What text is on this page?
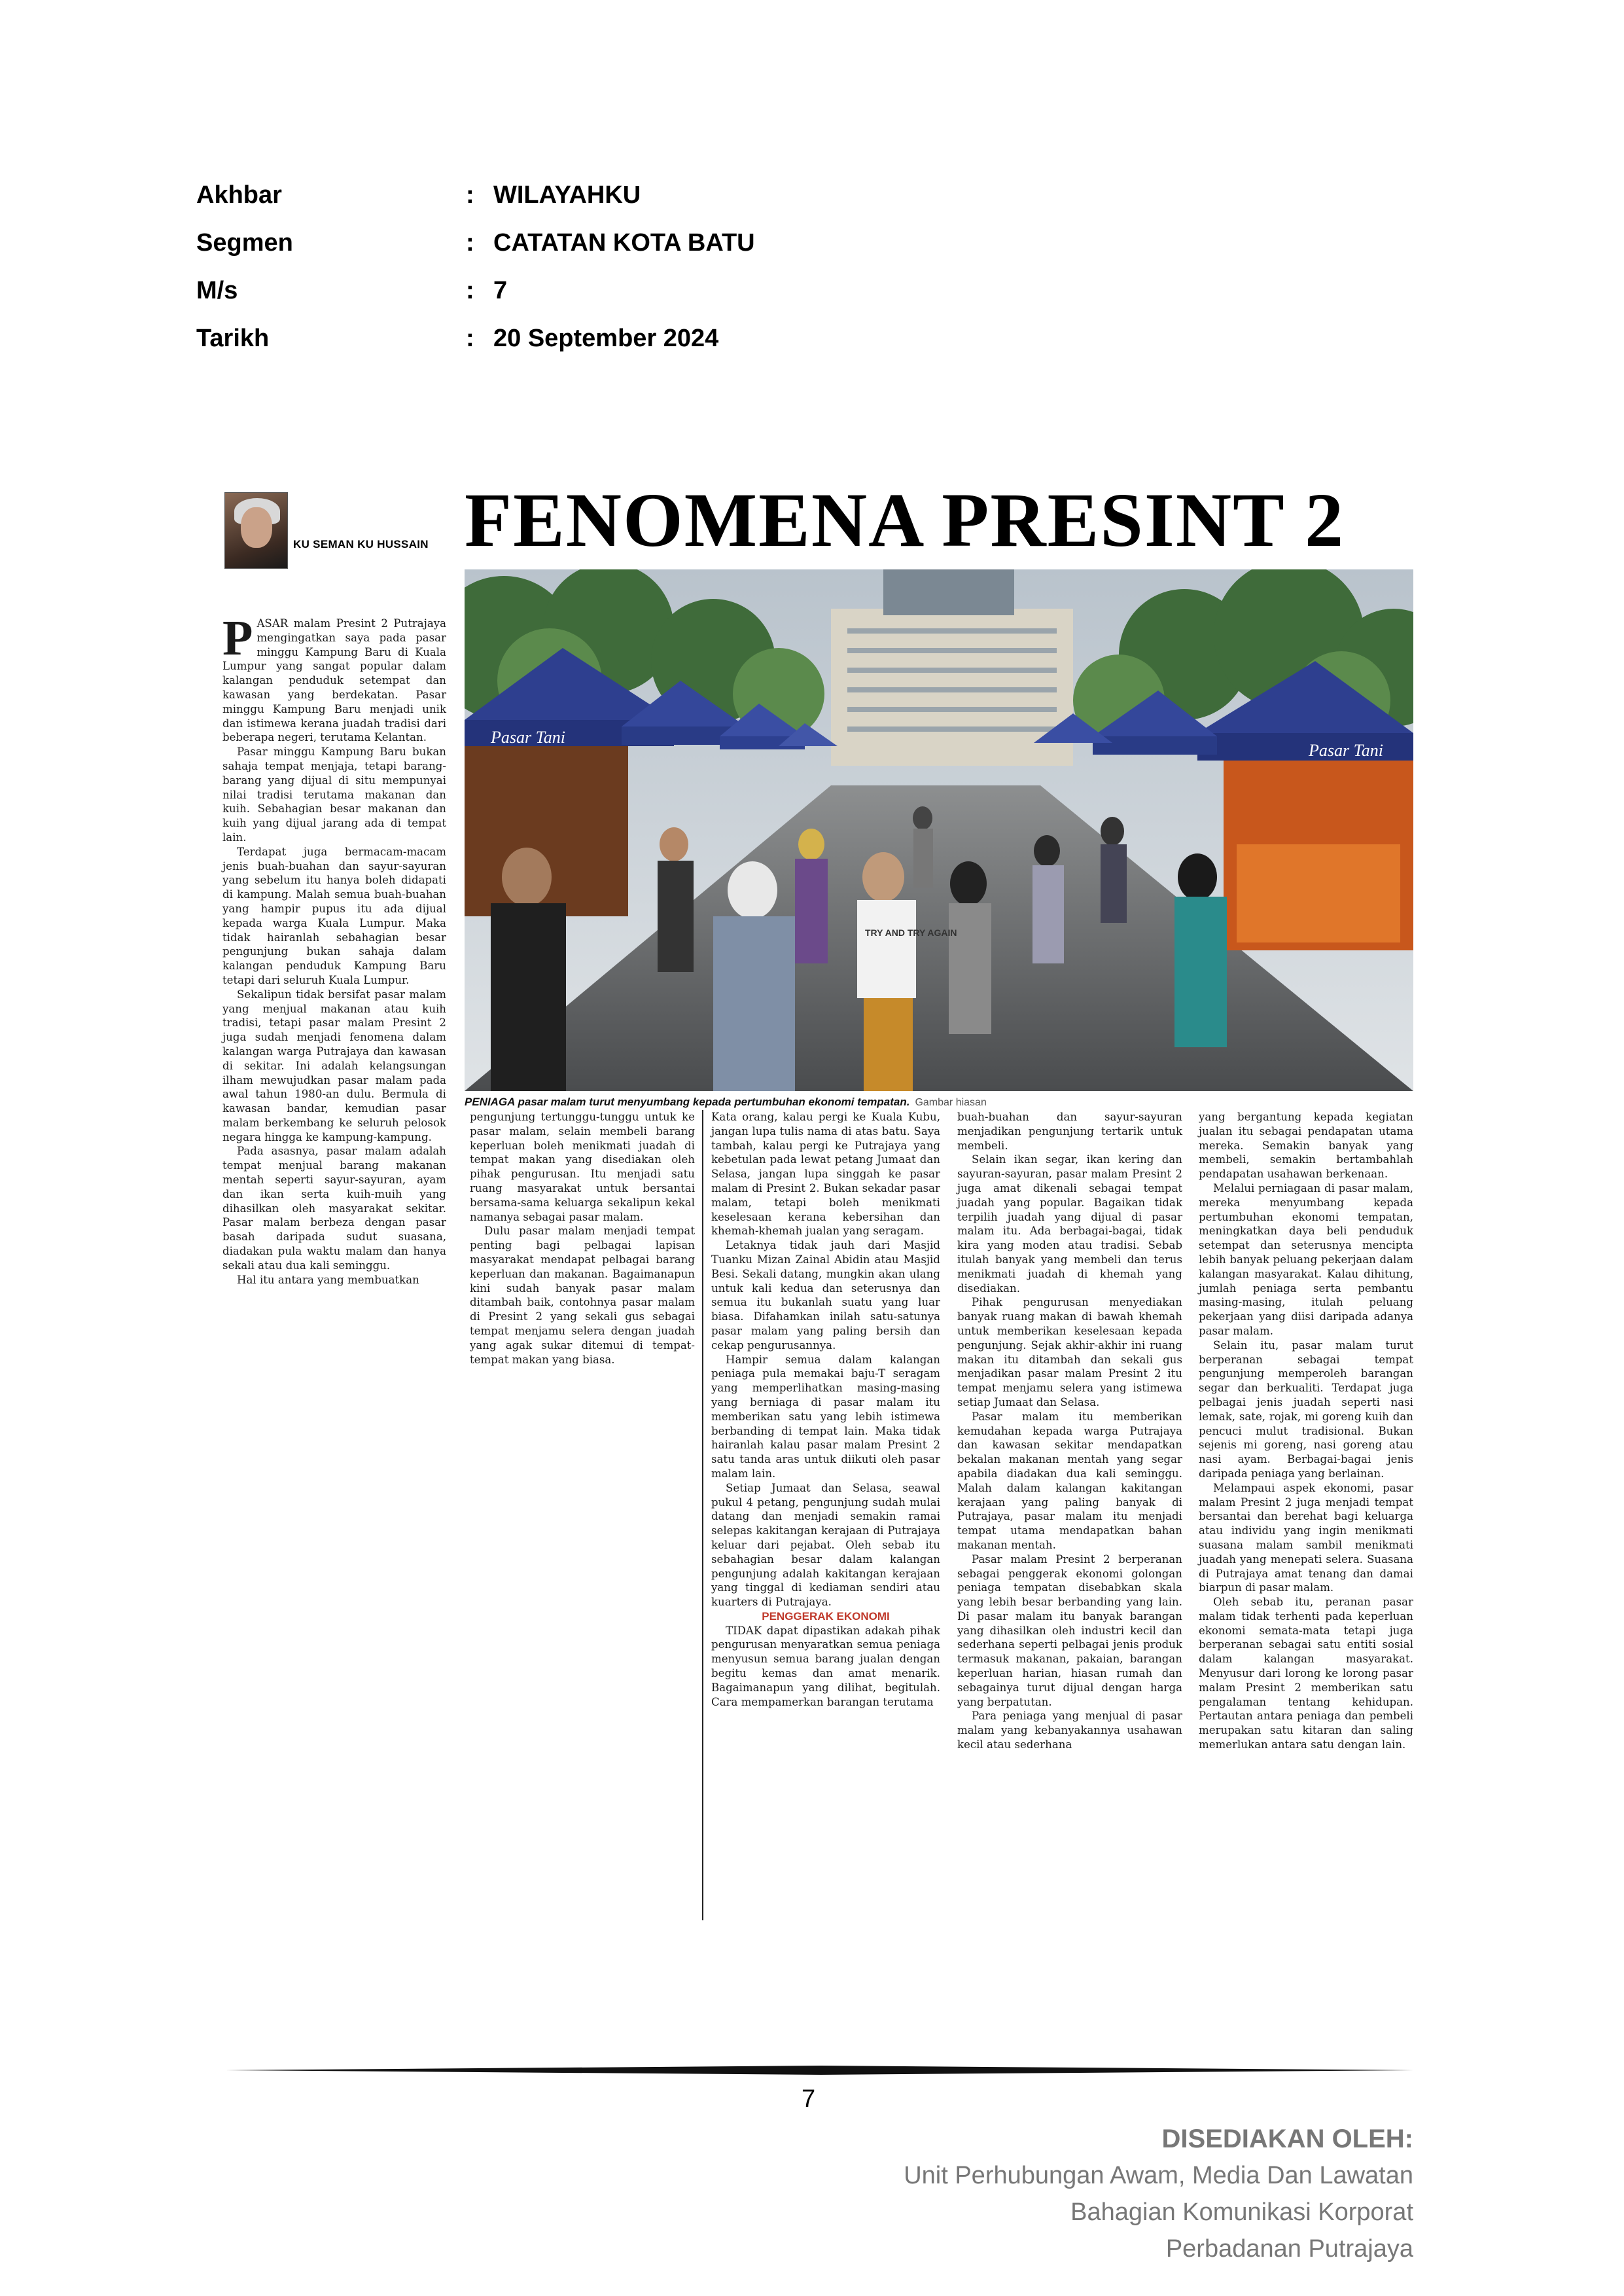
Akhbar	: WILAYAHKU
Segmen	: CATATAN KOTA BATU
M/s	: 7
Tarikh	: 20 September 2024
KU SEMAN KU HUSSAIN FENOMENA PRESINT 2
Pasar Tani
Pasar Tani
TRY AND TRY AGAIN
PENIAGA pasar malam turut menyumbang kepada pertumbuhan ekonomi tempatan. Gambar hiasan

PASAR malam Presint 2 Putrajaya mengingatkan saya pada pasar minggu Kampung Baru di Kuala Lumpur yang sangat popular dalam kalangan penduduk setempat dan kawasan yang berdekatan. Pasar minggu Kampung Baru menjadi unik dan istimewa kerana juadah tradisi dari beberapa negeri, terutama Kelantan.

Pasar minggu Kampung Baru bukan sahaja tempat menjaja, tetapi barang-barang yang dijual di situ mempunyai nilai tradisi terutama makanan dan kuih. Sebahagian besar makanan dan kuih yang dijual jarang ada di tempat lain.

Terdapat juga bermacam-macam jenis buah-buahan dan sayur-sayuran yang sebelum itu hanya boleh didapati di kampung. Malah semua buah-buahan yang hampir pupus itu ada dijual kepada warga Kuala Lumpur. Maka tidak hairanlah sebahagian besar pengunjung bukan sahaja dalam kalangan penduduk Kampung Baru tetapi dari seluruh Kuala Lumpur.

Sekalipun tidak bersifat pasar malam yang menjual makanan atau kuih tradisi, tetapi pasar malam Presint 2 juga sudah menjadi fenomena dalam kalangan warga Putrajaya dan kawasan di sekitar. Ini adalah kelangsungan ilham mewujudkan pasar malam pada awal tahun 1980-an dulu. Bermula di kawasan bandar, kemudian pasar malam berkembang ke seluruh pelosok negara hingga ke kampung-kampung.

Pada asasnya, pasar malam adalah tempat menjual barang makanan mentah seperti sayur-sayuran, ayam dan ikan serta kuih-muih yang dihasilkan oleh masyarakat sekitar. Pasar malam berbeza dengan pasar basah daripada sudut suasana, diadakan pula waktu malam dan hanya sekali atau dua kali seminggu.

Hal itu antara yang membuatkan

pengunjung tertunggu-tunggu untuk ke pasar malam, selain membeli barang keperluan boleh menikmati juadah di tempat makan yang disediakan oleh pihak pengurusan. Itu menjadi satu ruang masyarakat untuk bersantai bersama-sama keluarga sekalipun kekal namanya sebagai pasar malam.

Dulu pasar malam menjadi tempat penting bagi pelbagai lapisan masyarakat mendapat pelbagai barang keperluan dan makanan. Bagaimanapun kini sudah banyak pasar malam ditambah baik, contohnya pasar malam di Presint 2 yang sekali gus sebagai tempat menjamu selera dengan juadah yang agak sukar ditemui di tempat-tempat makan yang biasa.

Kata orang, kalau pergi ke Kuala Kubu, jangan lupa tulis nama di atas batu. Saya tambah, kalau pergi ke Putrajaya yang kebetulan pada lewat petang Jumaat dan Selasa, jangan lupa singgah ke pasar malam di Presint 2. Bukan sekadar pasar malam, tetapi boleh menikmati keselesaan kerana kebersihan dan khemah-khemah jualan yang seragam.

Letaknya tidak jauh dari Masjid Tuanku Mizan Zainal Abidin atau Masjid Besi. Sekali datang, mungkin akan ulang untuk kali kedua dan seterusnya dan semua itu bukanlah suatu yang luar biasa. Difahamkan inilah satu-satunya pasar malam yang paling bersih dan cekap pengurusannya.

Hampir semua dalam kalangan peniaga pula memakai baju-T seragam yang memperlihatkan masing-masing yang berniaga di pasar malam itu memberikan satu yang lebih istimewa berbanding di tempat lain. Maka tidak hairanlah kalau pasar malam Presint 2 satu tanda aras untuk diikuti oleh pasar malam lain.

Setiap Jumaat dan Selasa, seawal pukul 4 petang, pengunjung sudah mulai datang dan menjadi semakin ramai selepas kakitangan kerajaan di Putrajaya keluar dari pejabat. Oleh sebab itu sebahagian besar dalam kalangan pengunjung adalah kakitangan kerajaan yang tinggal di kediaman sendiri atau kuarters di Putrajaya.

PENGGERAK EKONOMI

TIDAK dapat dipastikan adakah pihak pengurusan menyaratkan semua peniaga menyusun semua barang jualan dengan begitu kemas dan amat menarik. Bagaimanapun yang dilihat, begitulah. Cara mempamerkan barangan terutama

buah-buahan dan sayur-sayuran menjadikan pengunjung tertarik untuk membeli.

Selain ikan segar, ikan kering dan sayuran-sayuran, pasar malam Presint 2 juga amat dikenali sebagai tempat juadah yang popular. Bagaikan tidak terpilih juadah yang dijual di pasar malam itu. Ada berbagai-bagai, tidak kira yang moden atau tradisi. Sebab itulah banyak yang membeli dan terus menikmati juadah di khemah yang disediakan.

Pihak pengurusan menyediakan banyak ruang makan di bawah khemah untuk memberikan keselesaan kepada pengunjung. Sejak akhir-akhir ini ruang makan itu ditambah dan sekali gus menjadikan pasar malam Presint 2 itu tempat menjamu selera yang istimewa setiap Jumaat dan Selasa.

Pasar malam itu memberikan kemudahan kepada warga Putrajaya dan kawasan sekitar mendapatkan bekalan makanan mentah yang segar apabila diadakan dua kali seminggu. Malah dalam kalangan kakitangan kerajaan yang paling banyak di Putrajaya, pasar malam itu menjadi tempat utama mendapatkan bahan makanan mentah.

Pasar malam Presint 2 berperanan sebagai penggerak ekonomi golongan peniaga tempatan disebabkan skala yang lebih besar berbanding yang lain. Di pasar malam itu banyak barangan yang dihasilkan oleh industri kecil dan sederhana seperti pelbagai jenis produk termasuk makanan, pakaian, barangan keperluan harian, hiasan rumah dan sebagainya turut dijual dengan harga yang berpatutan.

Para peniaga yang menjual di pasar malam yang kebanyakannya usahawan kecil atau sederhana

yang bergantung kepada kegiatan jualan itu sebagai pendapatan utama mereka. Semakin banyak yang membeli, semakin bertambahlah pendapatan usahawan berkenaan.

Melalui perniagaan di pasar malam, mereka menyumbang kepada pertumbuhan ekonomi tempatan, meningkatkan daya beli penduduk setempat dan seterusnya mencipta lebih banyak peluang pekerjaan dalam kalangan masyarakat. Kalau dihitung, jumlah peniaga serta pembantu masing-masing, itulah peluang pekerjaan yang diisi daripada adanya pasar malam.

Selain itu, pasar malam turut berperanan sebagai tempat pengunjung memperoleh barangan segar dan berkualiti. Terdapat juga pelbagai jenis juadah seperti nasi lemak, sate, rojak, mi goreng kuih dan pencuci mulut tradisional. Bukan sejenis mi goreng, nasi goreng atau nasi ayam. Berbagai-bagai jenis daripada peniaga yang berlainan.

Melampaui aspek ekonomi, pasar malam Presint 2 juga menjadi tempat bersantai dan berehat bagi keluarga atau individu yang ingin menikmati suasana malam sambil menikmati juadah yang menepati selera. Suasana di Putrajaya amat tenang dan damai biarpun di pasar malam.

Oleh sebab itu, peranan pasar malam tidak terhenti pada keperluan ekonomi semata-mata tetapi juga berperanan sebagai satu entiti sosial dalam kalangan masyarakat. Menyusur dari lorong ke lorong pasar malam Presint 2 memberikan satu pengalaman tentang kehidupan. Pertautan antara peniaga dan pembeli merupakan satu kitaran dan saling memerlukan antara satu dengan lain.

7
DISEDIAKAN OLEH:
Unit Perhubungan Awam, Media Dan Lawatan
Bahagian Komunikasi Korporat
Perbadanan Putrajaya
